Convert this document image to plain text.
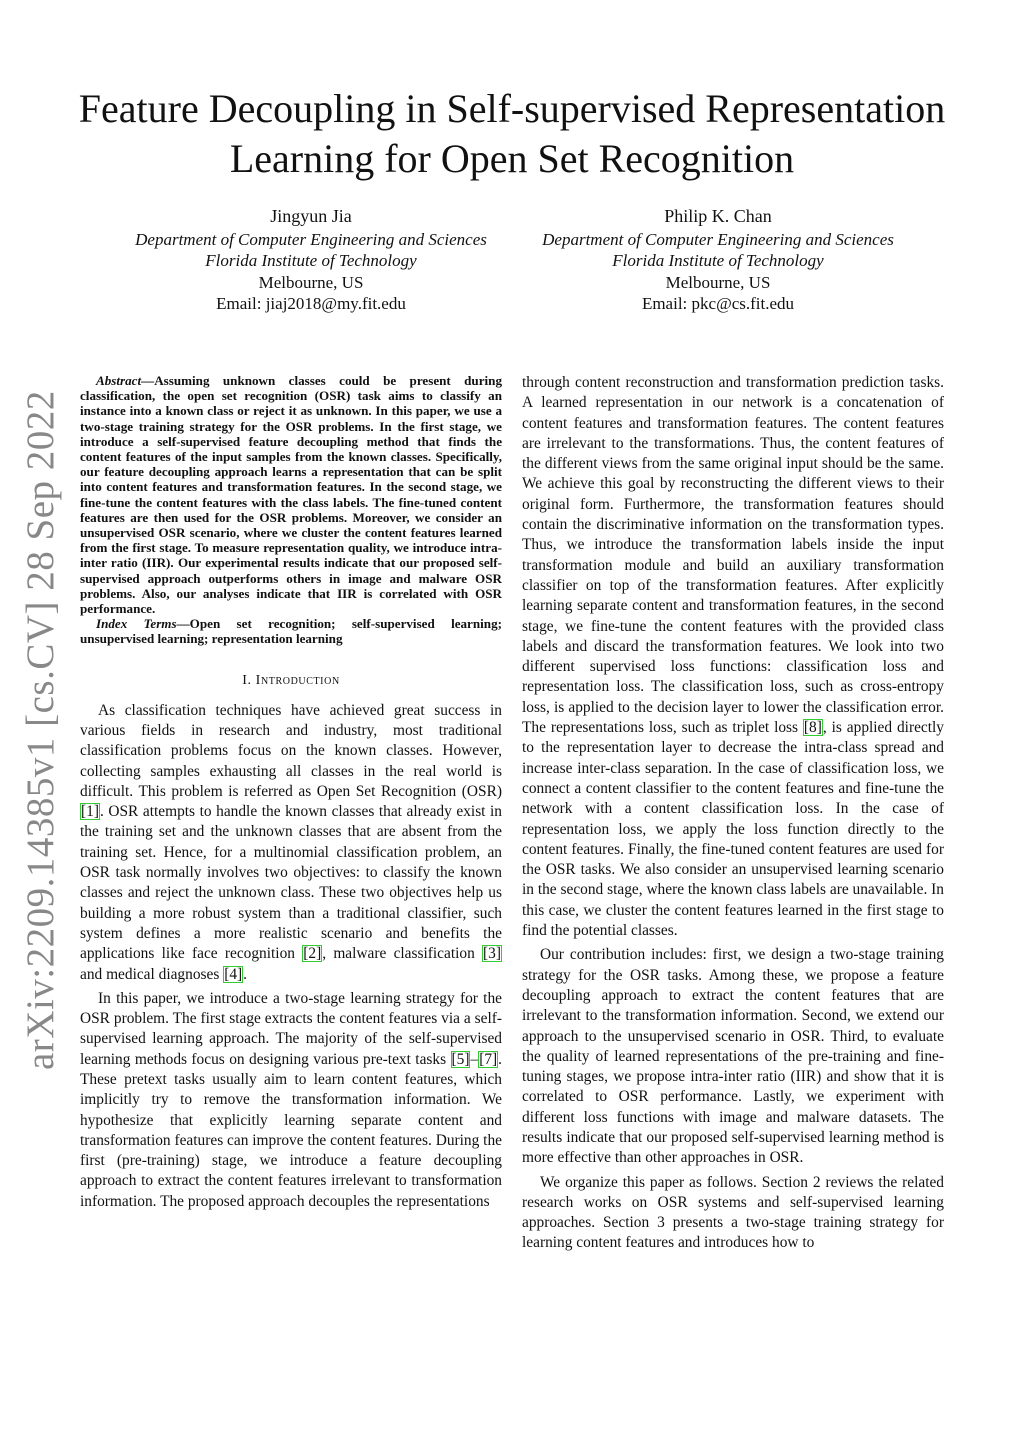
arXiv:2209.14385v1 [cs.CV] 28 Sep 2022
Feature Decoupling in Self-supervised Representation Learning for Open Set Recognition
Jingyun Jia
Department of Computer Engineering and Sciences
Florida Institute of Technology
Melbourne, US
Email: jiaj2018@my.fit.edu
Philip K. Chan
Department of Computer Engineering and Sciences
Florida Institute of Technology
Melbourne, US
Email: pkc@cs.fit.edu

Abstract—Assuming unknown classes could be present during classification, the open set recognition (OSR) task aims to classify an instance into a known class or reject it as unknown. In this paper, we use a two-stage training strategy for the OSR problems. In the first stage, we introduce a self-supervised feature decoupling method that finds the content features of the input samples from the known classes. Specifically, our feature decoupling approach learns a representation that can be split into content features and transformation features. In the second stage, we fine-tune the content features with the class labels. The fine-tuned content features are then used for the OSR problems. Moreover, we consider an unsupervised OSR scenario, where we cluster the content features learned from the first stage. To measure representation quality, we introduce intra-inter ratio (IIR). Our experimental results indicate that our proposed self-supervised approach outperforms others in image and malware OSR problems. Also, our analyses indicate that IIR is correlated with OSR performance.

Index Terms—Open set recognition; self-supervised learning; unsupervised learning; representation learning

I. Introduction

As classification techniques have achieved great success in various fields in research and industry, most traditional classification problems focus on the known classes. However, collecting samples exhausting all classes in the real world is difficult. This problem is referred as Open Set Recognition (OSR) [1]. OSR attempts to handle the known classes that already exist in the training set and the unknown classes that are absent from the training set. Hence, for a multinomial classification problem, an OSR task normally involves two objectives: to classify the known classes and reject the unknown class. These two objectives help us building a more robust system than a traditional classifier, such system defines a more realistic scenario and benefits the applications like face recognition [2], malware classification [3] and medical diagnoses [4].

In this paper, we introduce a two-stage learning strategy for the OSR problem. The first stage extracts the content features via a self-supervised learning approach. The majority of the self-supervised learning methods focus on designing various pre-text tasks [5]–[7]. These pretext tasks usually aim to learn content features, which implicitly try to remove the transformation information. We hypothesize that explicitly learning separate content and transformation features can improve the content features. During the first (pre-training) stage, we introduce a feature decoupling approach to extract the content features irrelevant to transformation information. The proposed approach decouples the representations

through content reconstruction and transformation prediction tasks. A learned representation in our network is a concatenation of content features and transformation features. The content features are irrelevant to the transformations. Thus, the content features of the different views from the same original input should be the same. We achieve this goal by reconstructing the different views to their original form. Furthermore, the transformation features should contain the discriminative information on the transformation types. Thus, we introduce the transformation labels inside the input transformation module and build an auxiliary transformation classifier on top of the transformation features. After explicitly learning separate content and transformation features, in the second stage, we fine-tune the content features with the provided class labels and discard the transformation features. We look into two different supervised loss functions: classification loss and representation loss. The classification loss, such as cross-entropy loss, is applied to the decision layer to lower the classification error. The representations loss, such as triplet loss [8], is applied directly to the representation layer to decrease the intra-class spread and increase inter-class separation. In the case of classification loss, we connect a content classifier to the content features and fine-tune the network with a content classification loss. In the case of representation loss, we apply the loss function directly to the content features. Finally, the fine-tuned content features are used for the OSR tasks. We also consider an unsupervised learning scenario in the second stage, where the known class labels are unavailable. In this case, we cluster the content features learned in the first stage to find the potential classes.

Our contribution includes: first, we design a two-stage training strategy for the OSR tasks. Among these, we propose a feature decoupling approach to extract the content features that are irrelevant to the transformation information. Second, we extend our approach to the unsupervised scenario in OSR. Third, to evaluate the quality of learned representations of the pre-training and fine-tuning stages, we propose intra-inter ratio (IIR) and show that it is correlated to OSR performance. Lastly, we experiment with different loss functions with image and malware datasets. The results indicate that our proposed self-supervised learning method is more effective than other approaches in OSR.

We organize this paper as follows. Section 2 reviews the related research works on OSR systems and self-supervised learning approaches. Section 3 presents a two-stage training strategy for learning content features and introduces how to
